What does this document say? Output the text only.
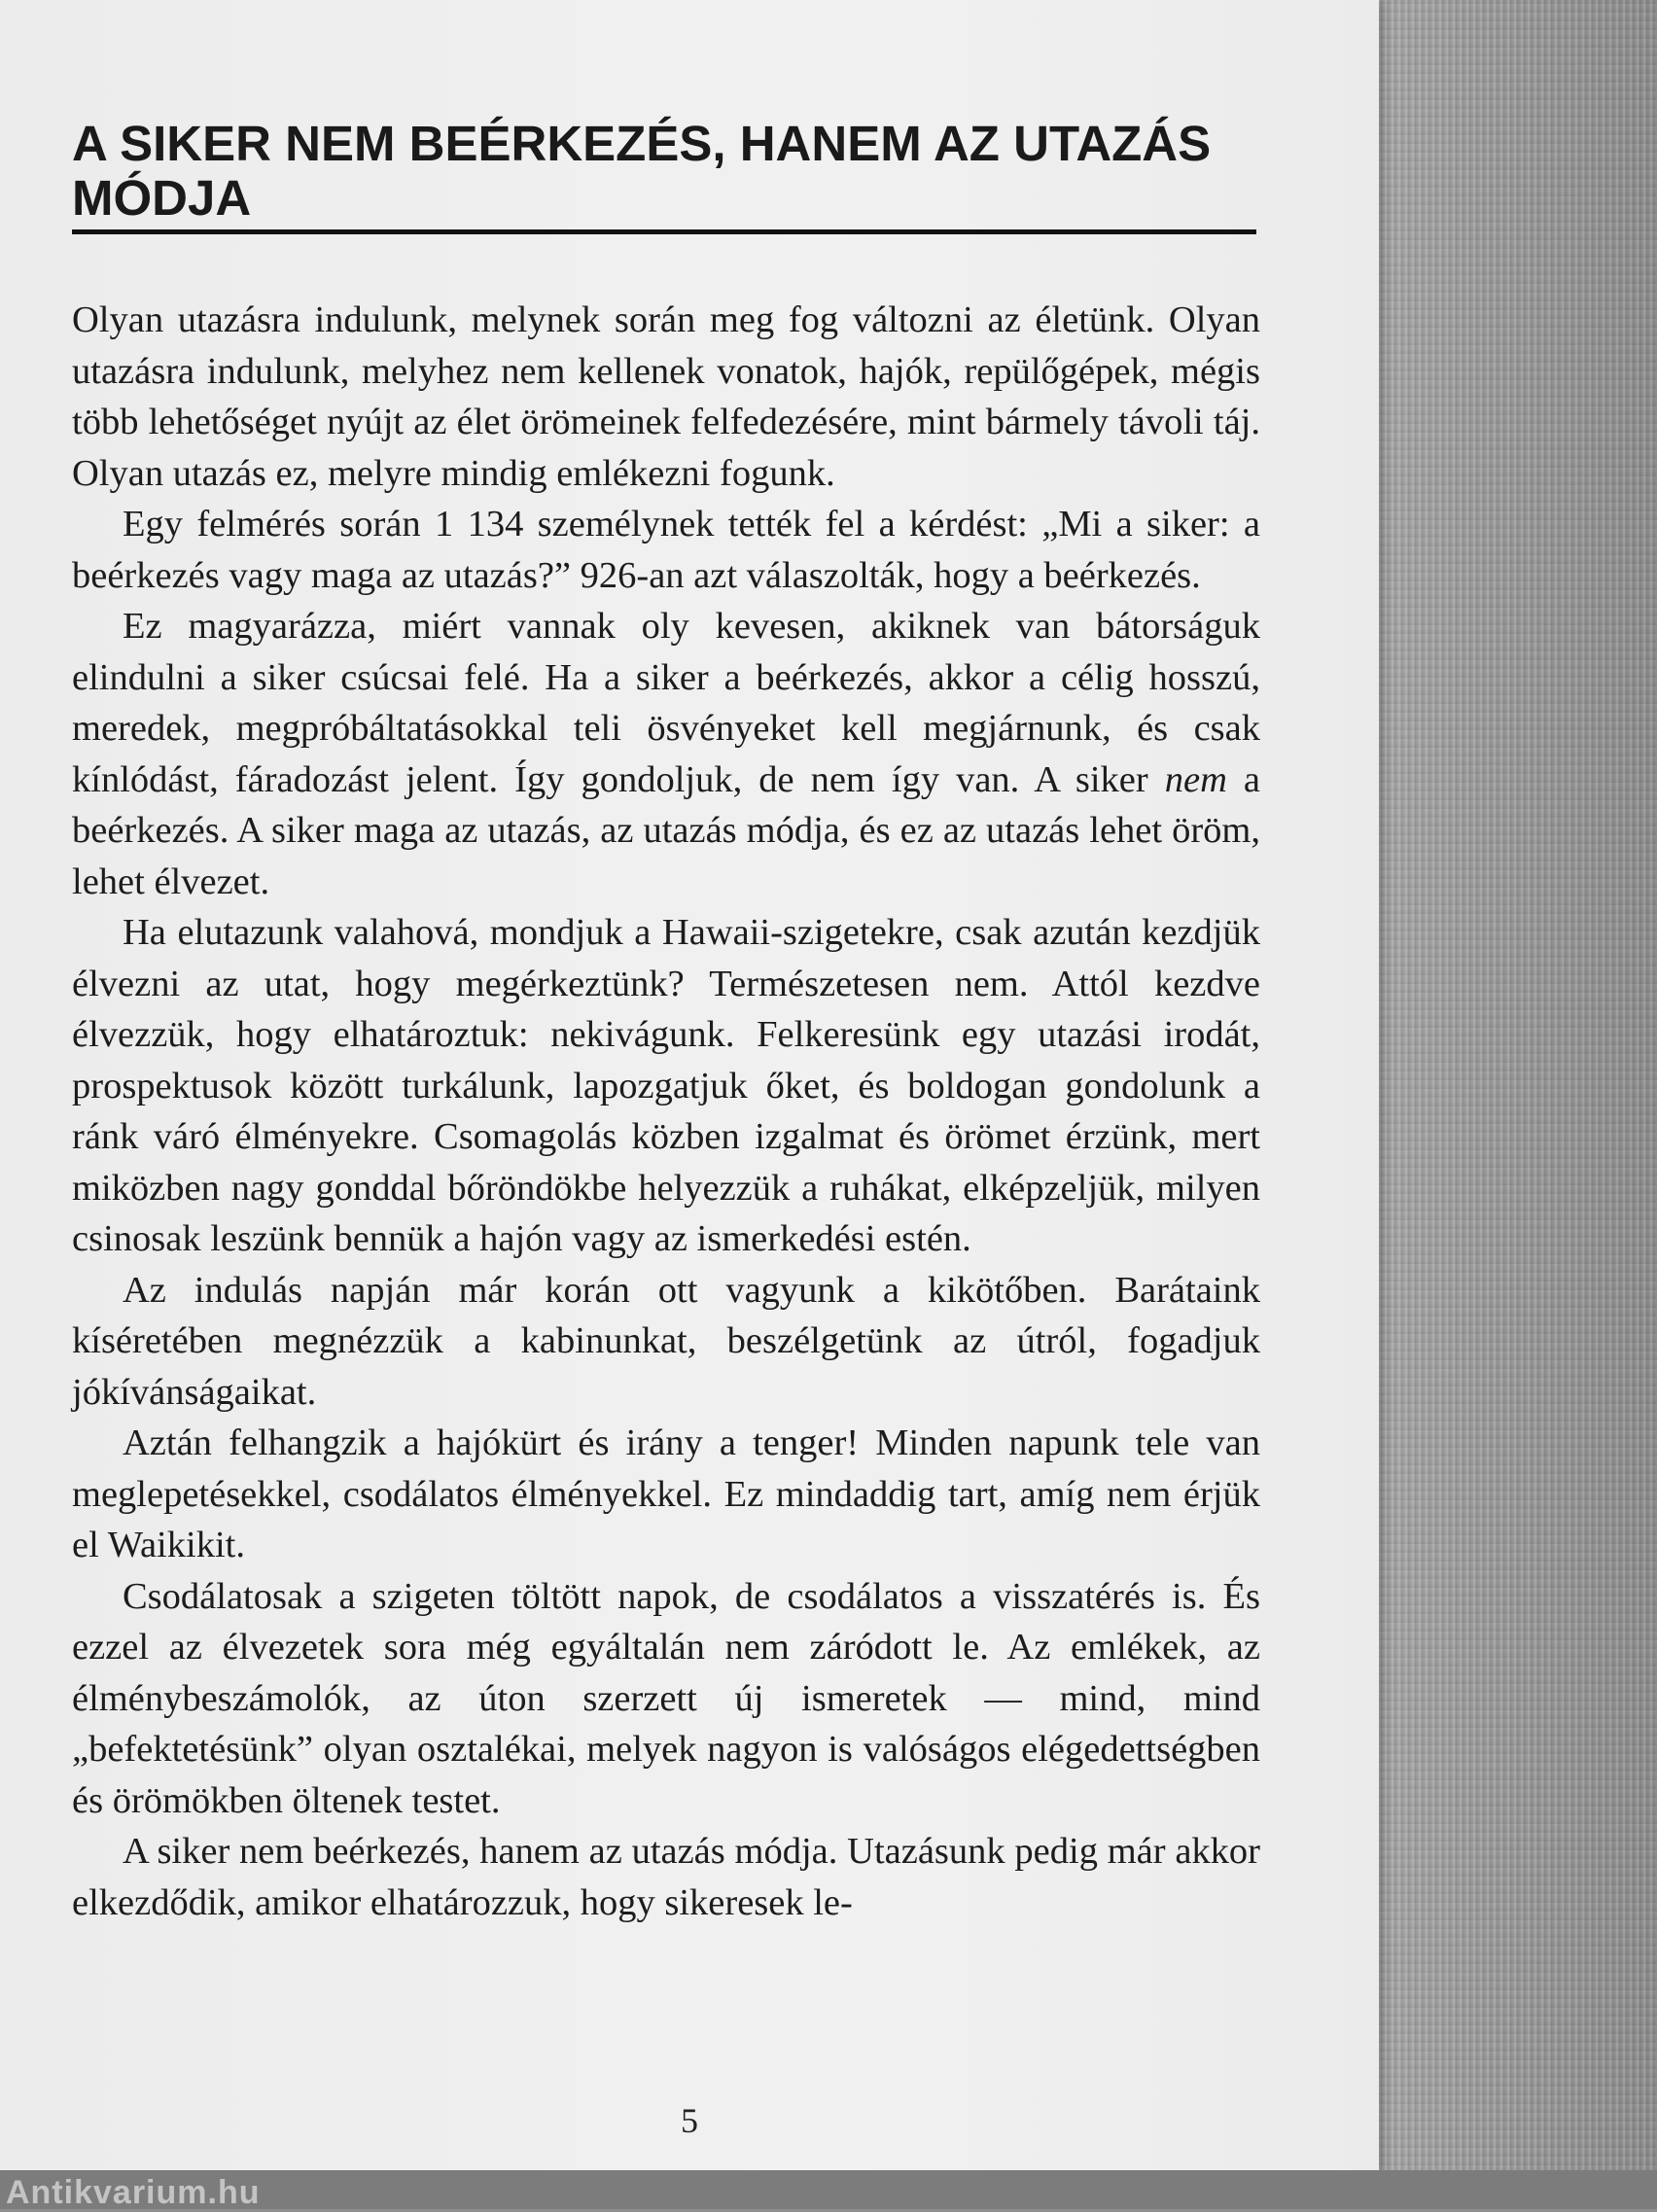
A SIKER NEM BEÉRKEZÉS, HANEM AZ UTAZÁS MÓDJA

Olyan utazásra indulunk, melynek során meg fog változni az életünk. Olyan utazásra indulunk, melyhez nem kellenek vonatok, hajók, repülőgépek, mégis több lehetőséget nyújt az élet örömeinek felfedezésére, mint bármely távoli táj. Olyan utazás ez, melyre mindig emlékezni fogunk.

Egy felmérés során 1 134 személynek tették fel a kérdést: „Mi a siker: a beérkezés vagy maga az utazás?” 926-an azt válaszolták, hogy a beérkezés.

Ez magyarázza, miért vannak oly kevesen, akiknek van bátorságuk elindulni a siker csúcsai felé. Ha a siker a beérkezés, akkor a célig hosszú, meredek, megpróbáltatásokkal teli ösvényeket kell megjárnunk, és csak kínlódást, fáradozást jelent. Így gondoljuk, de nem így van. A siker nem a beérkezés. A siker maga az utazás, az utazás módja, és ez az utazás lehet öröm, lehet élvezet.

Ha elutazunk valahová, mondjuk a Hawaii-szigetekre, csak azután kezdjük élvezni az utat, hogy megérkeztünk? Természetesen nem. Attól kezdve élvezzük, hogy elhatároztuk: nekivágunk. Felkeresünk egy utazási irodát, prospektusok között turkálunk, lapozgatjuk őket, és boldogan gondolunk a ránk váró élményekre. Csomagolás közben izgalmat és örömet érzünk, mert miközben nagy gonddal bőröndökbe helyezzük a ruhákat, elképzeljük, milyen csinosak leszünk bennük a hajón vagy az ismerkedési estén.

Az indulás napján már korán ott vagyunk a kikötőben. Barátaink kíséretében megnézzük a kabinunkat, beszélgetünk az útról, fogadjuk jókívánságaikat.

Aztán felhangzik a hajókürt és irány a tenger! Minden napunk tele van meglepetésekkel, csodálatos élményekkel. Ez mindaddig tart, amíg nem érjük el Waikikit.

Csodálatosak a szigeten töltött napok, de csodálatos a visszatérés is. És ezzel az élvezetek sora még egyáltalán nem záródott le. Az emlékek, az élménybeszámolók, az úton szerzett új ismeretek — mind, mind „befektetésünk” olyan osztalékai, melyek nagyon is valóságos elégedettségben és örömökben öltenek testet.

A siker nem beérkezés, hanem az utazás módja. Utazásunk pedig már akkor elkezdődik, amikor elhatározzuk, hogy sikeresek le-

5
Antikvarium.hu
